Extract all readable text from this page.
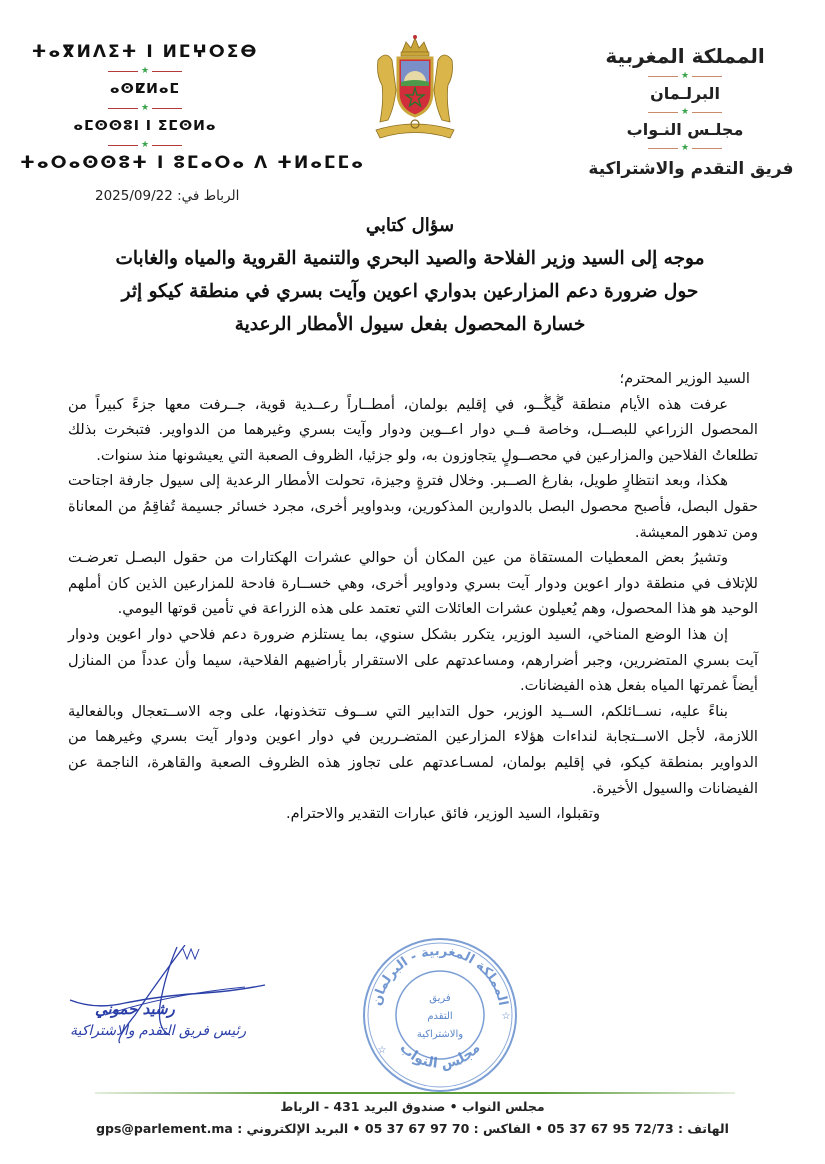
ⵜⴰⴳⵍⴷⵉⵜ ⵏ ⵍⵎⵖⵔⵉⴱ
★
ⴰⵙⵇⵍⴰⵎ
★
ⴰⵎⵙⵙⵓⵏ ⵏ ⵉⵎⵙⵍⴰ
★
ⵜⴰⵔⴰⵙⵙⵓⵜ ⵏ ⵓⵎⴰⵔⴰ ⴷ ⵜⵍⴰⵎⵎⴰ
المملكة المغربية
★
البرلـمان
★
مجلـس النـواب
★
فريق التقدم والاشتراكية
الرباط في: 2025/09/22
سؤال كتابي
موجه إلى السيد وزير الفلاحة والصيد البحري والتنمية القروية والمياه والغابات
حول ضرورة دعم المزارعين بدواري اعوين وآيت بسري في منطقة كيكو إثر
خسارة المحصول بفعل سيول الأمطار الرعدية

السيد الوزير المحترم؛

عرفت هذه الأيام منطقة ڴيڴــو، في إقليم بولمان، أمطــاراً رعــدية قوية، جــرفت معها جزءً كبيراً من المحصول الزراعي للبصــل، وخاصة فــي دوار اعــوين ودوار وآيت بسري وغيرهما من الدواوير. فتبخرت بذلك تطلعاتُ الفلاحين والمزارعين في محصــولٍ يتجاوزون به، ولو جزئيا، الظروف الصعبة التي يعيشونها منذ سنوات.

هكذا، وبعد انتظارٍ طويل، بفارغ الصــبر. وخلال فترةٍ وجيزة، تحولت الأمطار الرعدية إلى سيول جارفة اجتاحت حقول البصل، فأصبح محصول البصل بالدوارين المذكورين، وبدواوير أخرى، مجرد خسائر جسيمة تُفاقِمُ من المعاناة ومن تدهور المعيشة.

وتشيرُ بعض المعطيات المستقاة من عين المكان أن حوالي عشرات الهكتارات من حقول البصـل تعرضـت للإتلاف في منطقة دوار اعوين ودوار آيت بسري ودواوير أخرى، وهي خســارة فادحة للمزارعين الذين كان أملهم الوحيد هو هذا المحصول، وهم يُعيلون عشرات العائلات التي تعتمد على هذه الزراعة في تأمين قوتها اليومي.

إن هذا الوضع المناخي، السيد الوزير، يتكرر بشكل سنوي، بما يستلزم ضرورة دعم فلاحي دوار اعوين ودوار آيت بسري المتضررين، وجبر أضرارهم، ومساعدتهم على الاستقرار بأراضيهم الفلاحية، سيما وأن عدداً من المنازل أيضاً غمرتها المياه بفعل هذه الفيضانات.

بناءً عليه، نســائلكم، الســيد الوزير، حول التدابير التي ســوف تتخذونها، على وجه الاســتعجال وبالفعالية اللازمة، لأجل الاســتجابة لنداءات هؤلاء المزارعين المتضـررين في دوار اعوين ودوار آيت بسري وغيرهما من الدواوير بمنطقة كيكو، في إقليم بولمان، لمسـاعدتهم على تجاوز هذه الظروف الصعبة والقاهرة، الناجمة عن الفيضانات والسيول الأخيرة.

وتقبلوا، السيد الوزير، فائق عبارات التقدير والاحترام.

رشيد حموني
رئيس فريق التقدم والاشتراكية
المملكة المغربية - البرلمان
مجلس النواب
فريق
التقدم
والاشتراكية
☆
☆
مجلس النواب • صندوق البريد 431 - الرباط
الهاتف : 05 37 67 95 72/73 • الفاكس : 05 37 67 97 70 • البريد الإلكتروني : gps@parlement.ma
